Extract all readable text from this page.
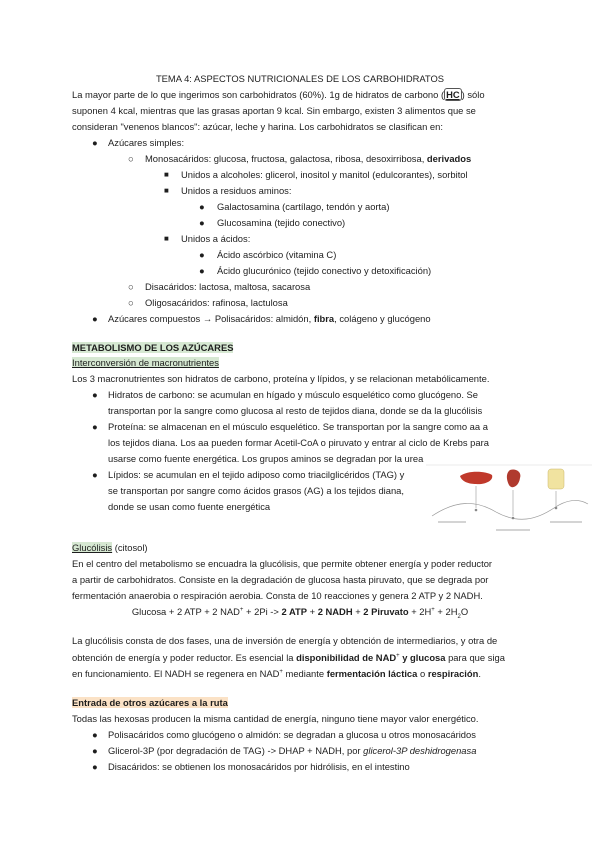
TEMA 4: ASPECTOS NUTRICIONALES DE LOS CARBOHIDRATOS
La mayor parte de lo que ingerimos son carbohidratos (60%). 1g de hidratos de carbono ( HC ) sólo
suponen 4 kcal, mientras que las grasas aportan 9 kcal. Sin embargo, existen 3 alimentos que se
consideran "venenos blancos": azúcar, leche y harina. Los carbohidratos se clasifican en:
● Azúcares simples:
○ Monosacáridos: glucosa, fructosa, galactosa, ribosa, desoxirribosa, derivados
■ Unidos a alcoholes: glicerol, inositol y manitol (edulcorantes), sorbitol
■ Unidos a residuos aminos:
● Galactosamina (cartílago, tendón y aorta)
● Glucosamina (tejido conectivo)
■ Unidos a ácidos:
● Ácido ascórbico (vitamina C)
● Ácido glucurónico (tejido conectivo y detoxificación)
○ Disacáridos: lactosa, maltosa, sacarosa
○ Oligosacáridos: rafinosa, lactulosa
● Azúcares compuestos → Polisacáridos: almidón, fibra, colágeno y glucógeno
METABOLISMO DE LOS AZÚCARES
Interconversión de macronutrientes
Los 3 macronutrientes son hidratos de carbono, proteína y lípidos, y se relacionan metabólicamente.
● Hidratos de carbono: se acumulan en hígado y músculo esquelético como glucógeno. Se
transportan por la sangre como glucosa al resto de tejidos diana, donde se da la glucólisis
● Proteína: se almacenan en el músculo esquelético. Se transportan por la sangre como aa a
los tejidos diana. Los aa pueden formar Acetil-CoA o piruvato y entrar al ciclo de Krebs para
usarse como fuente energética. Los grupos aminos se degradan por la urea
● Lípidos: se acumulan en el tejido adiposo como triacilglicéridos (TAG) y
se transportan por sangre como ácidos grasos (AG) a los tejidos diana,
donde se usan como fuente energética
Glucólisis (citosol)
En el centro del metabolismo se encuadra la glucólisis, que permite obtener energía y poder reductor
a partir de carbohidratos. Consiste en la degradación de glucosa hasta piruvato, que se degrada por
fermentación anaerobia o respiración aerobia. Consta de 10 reacciones y genera 2 ATP y 2 NADH.
Glucosa + 2 ATP + 2 NAD+ + 2Pi -> 2 ATP + 2 NADH + 2 Piruvato + $2H^+ + 2H_2O$
La glucólisis consta de dos fases, una de inversión de energía y obtención de intermediarios, y otra de
obtención de energía y poder reductor. Es esencial la disponibilidad de NAD+ y glucosa para que siga
en funcionamiento. El NADH se regenera en NAD+ mediante fermentación láctica o respiración.
Entrada de otros azúcares a la ruta
Todas las hexosas producen la misma cantidad de energía, ninguno tiene mayor valor energético.
● Polisacáridos como glucógeno o almidón: se degradan a glucosa u otros monosacáridos
● Glicerol-3P (por degradación de TAG) -> DHAP + NADH, por glicerol-3P deshidrogenasa
● Disacáridos: se obtienen los monosacáridos por hidrólisis, en el intestino
